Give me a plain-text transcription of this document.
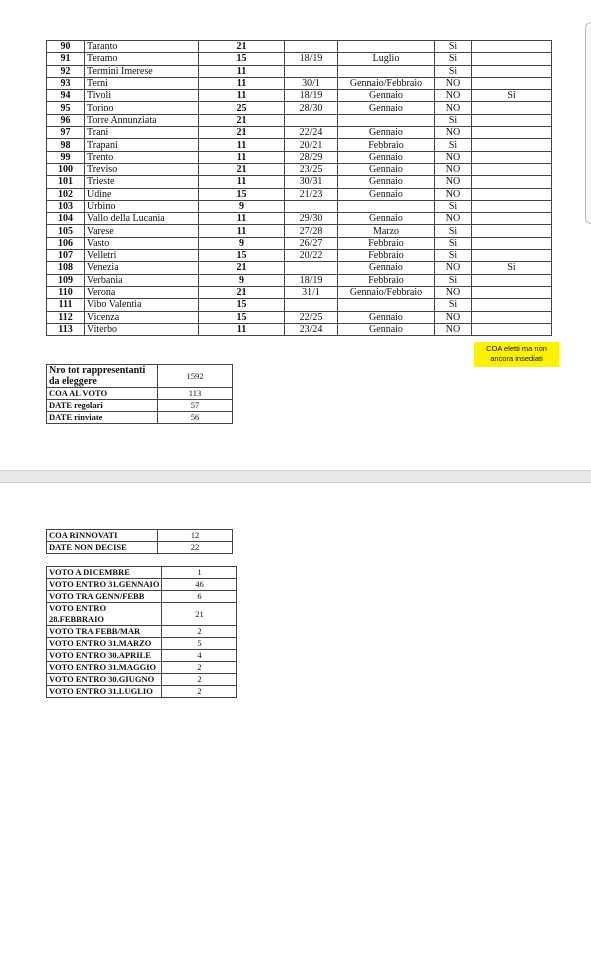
90	Taranto	21			Si	
91	Teramo	15	18/19	Luglio	Si	
92	Termini Imerese	11			Si	
93	Terni	11	30/1	Gennaio/Febbraio	NO	
94	Tivoli	11	18/19	Gennaio	NO	Si
95	Torino	25	28/30	Gennaio	NO	
96	Torre Annunziata	21			Si	
97	Trani	21	22/24	Gennaio	NO	
98	Trapani	11	20/21	Febbraio	Si	
99	Trento	11	28/29	Gennaio	NO	
100	Treviso	21	23/25	Gennaio	NO	
101	Trieste	11	30/31	Gennaio	NO	
102	Udine	15	21/23	Gennaio	NO	
103	Urbino	9			Si	
104	Vallo della Lucania	11	29/30	Gennaio	NO	
105	Varese	11	27/28	Marzo	Si	
106	Vasto	9	26/27	Febbraio	Si	
107	Velletri	15	20/22	Febbraio	Si	
108	Venezia	21		Gennaio	NO	Si
109	Verbania	9	18/19	Febbraio	Si	
110	Verona	21	31/1	Gennaio/Febbraio	NO	
111	Vibo Valentia	15			Si	
112	Vicenza	15	22/25	Gennaio	NO	
113	Viterbo	11	23/24	Gennaio	NO	
COA eletti ma non
ancora insediati
Nro tot rappresentanti da eleggere	1592
COA AL VOTO	113
DATE regolari	57
DATE rinviate	56
COA RINNOVATI	12
DATE NON DECISE	22
VOTO A DICEMBRE	1
VOTO ENTRO 31.GENNAIO	46
VOTO TRA GENN/FEBB	6
VOTO ENTRO 28.FEBBRAIO	21
VOTO TRA FEBB/MAR	2
VOTO ENTRO 31.MARZO	5
VOTO ENTRO 30.APRILE	4
VOTO ENTRO 31.MAGGIO	2
VOTO ENTRO 30.GIUGNO	2
VOTO ENTRO 31.LUGLIO	2
